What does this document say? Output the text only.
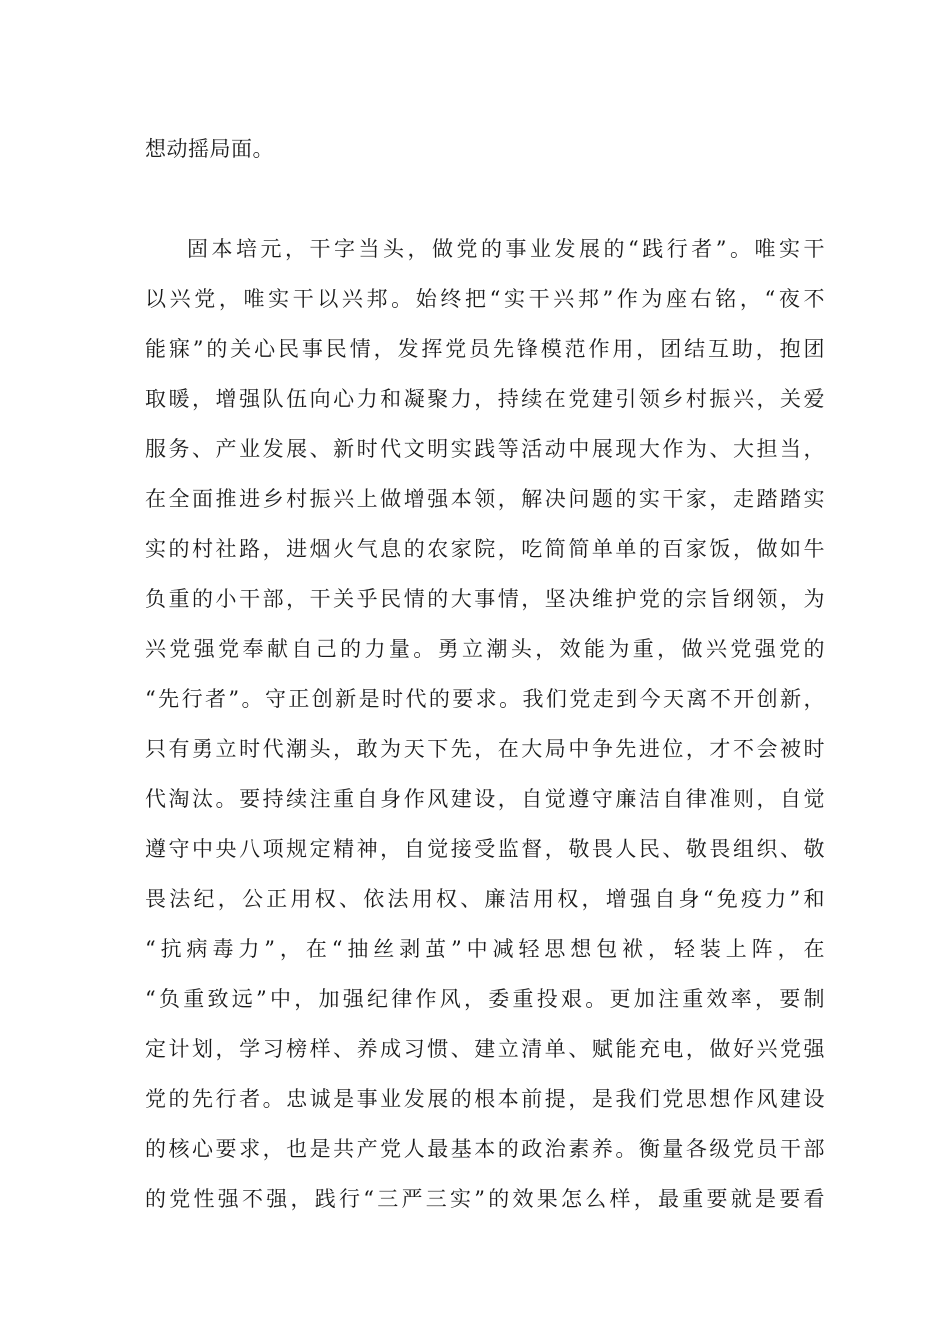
想动摇局面。
固本培元，干字当头，做党的事业发展的“践行者”。唯实干
以兴党，唯实干以兴邦。始终把“实干兴邦”作为座右铭，“夜不
能寐”的关心民事民情，发挥党员先锋模范作用，团结互助，抱团
取暖，增强队伍向心力和凝聚力，持续在党建引领乡村振兴，关爱
服务、产业发展、新时代文明实践等活动中展现大作为、大担当，
在全面推进乡村振兴上做增强本领，解决问题的实干家，走踏踏实
实的村社路，进烟火气息的农家院，吃简简单单的百家饭，做如牛
负重的小干部，干关乎民情的大事情，坚决维护党的宗旨纲领，为
兴党强党奉献自己的力量。勇立潮头，效能为重，做兴党强党的
“先行者”。守正创新是时代的要求。我们党走到今天离不开创新，
只有勇立时代潮头，敢为天下先，在大局中争先进位，才不会被时
代淘汰。要持续注重自身作风建设，自觉遵守廉洁自律准则，自觉
遵守中央八项规定精神，自觉接受监督，敬畏人民、敬畏组织、敬
畏法纪，公正用权、依法用权、廉洁用权，增强自身“免疫力”和
“抗病毒力”，在“抽丝剥茧”中减轻思想包袱，轻装上阵，在
“负重致远”中，加强纪律作风，委重投艰。更加注重效率，要制
定计划，学习榜样、养成习惯、建立清单、赋能充电，做好兴党强
党的先行者。忠诚是事业发展的根本前提，是我们党思想作风建设
的核心要求，也是共产党人最基本的政治素养。衡量各级党员干部
的党性强不强，践行“三严三实”的效果怎么样，最重要就是要看
